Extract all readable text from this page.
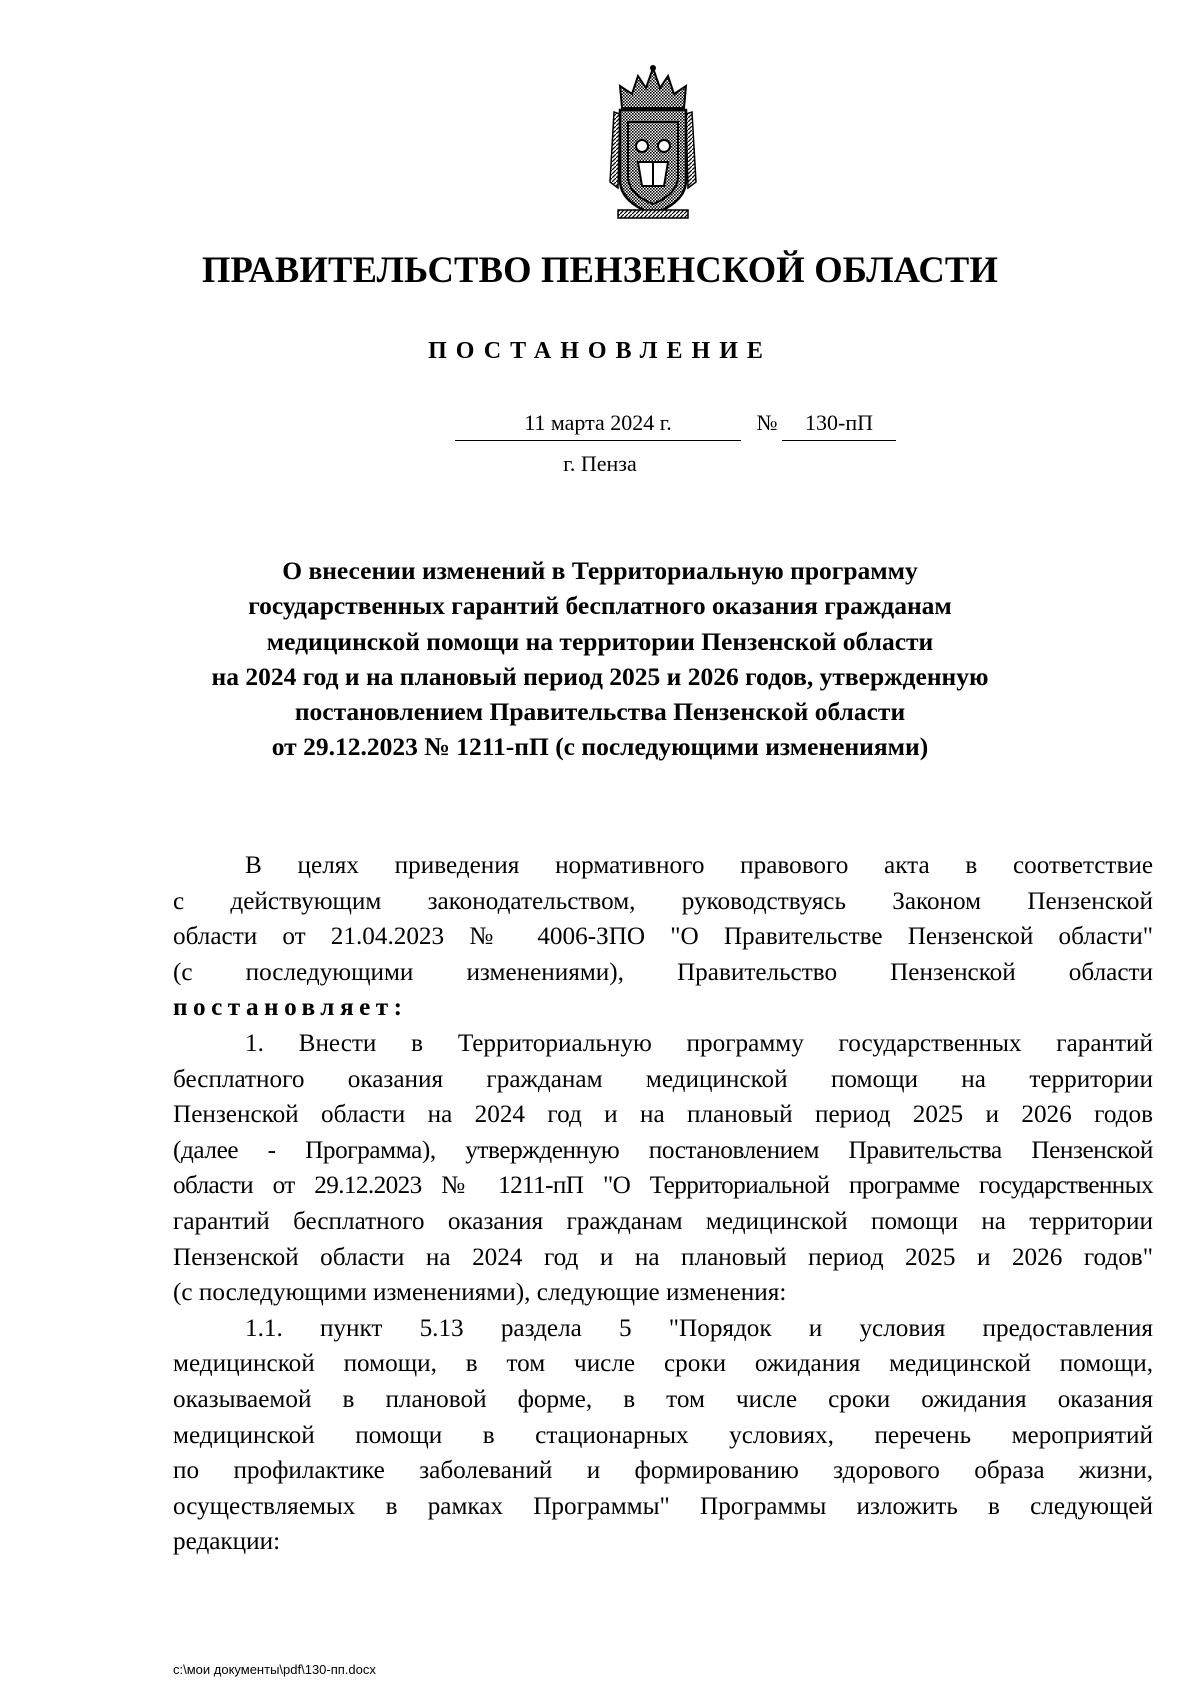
ПРАВИТЕЛЬСТВО ПЕНЗЕНСКОЙ ОБЛАСТИ
ПОСТАНОВЛЕНИЕ
11 марта 2024 г.	№	130-пП
г. Пенза
О внесении изменений в Территориальную программу
государственных гарантий бесплатного оказания гражданам
медицинской помощи на территории Пензенской области
на 2024 год и на плановый период 2025 и 2026 годов, утвержденную
постановлением Правительства Пензенской области
от 29.12.2023 № 1211-пП (с последующими изменениями)
В целях приведения нормативного правового акта в соответствие
с действующим законодательством, руководствуясь Законом Пензенской
области от 21.04.2023 № 4006-ЗПО "О Правительстве Пензенской области"
(с последующими изменениями), Правительство Пензенской области
постановляет:
1. Внести в Территориальную программу государственных гарантий
бесплатного оказания гражданам медицинской помощи на территории
Пензенской области на 2024 год и на плановый период 2025 и 2026 годов
(далее - Программа), утвержденную постановлением Правительства Пензенской
области от 29.12.2023 № 1211-пП "О Территориальной программе государственных
гарантий бесплатного оказания гражданам медицинской помощи на территории
Пензенской области на 2024 год и на плановый период 2025 и 2026 годов"
(с последующими изменениями), следующие изменения:
1.1. пункт 5.13 раздела 5 "Порядок и условия предоставления
медицинской помощи, в том числе сроки ожидания медицинской помощи,
оказываемой в плановой форме, в том числе сроки ожидания оказания
медицинской помощи в стационарных условиях, перечень мероприятий
по профилактике заболеваний и формированию здорового образа жизни,
осуществляемых в рамках Программы" Программы изложить в следующей
редакции:
c:\мои документы\pdf\130-пп.docx
